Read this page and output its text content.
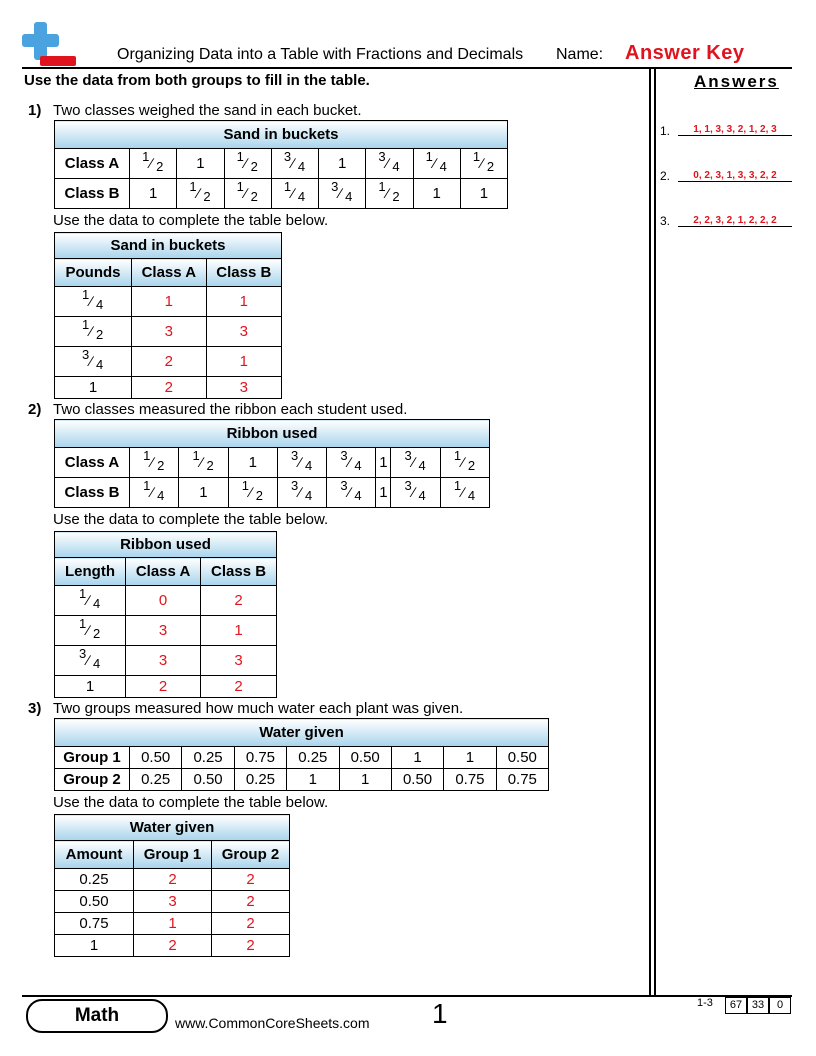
Organizing Data into a Table with Fractions and Decimals Name: Answer Key
Use the data from both groups to fill in the table.	Answers
1.	1, 1, 3, 3, 2, 1, 2, 3
2.	0, 2, 3, 1, 3, 3, 2, 2
3.	2, 2, 3, 2, 1, 2, 2, 2
1) Two classes weighed the sand in each bucket.
Sand in buckets								
Class A	1 ∕ 2	1	1 ∕ 2	3 ∕ 4	1	3 ∕ 4	1 ∕ 4	1 ∕ 2

Class B	1	1 ∕ 2	1 ∕ 2	1 ∕ 4	3 ∕ 4	1 ∕ 2	1	1
Use the data to complete the table below.
Sand in buckets		
Pounds	Class A	Class B

1 ∕ 4	1	1

1 ∕ 2	3	3

3 ∕ 4	2	1
1	2	3
2) Two classes measured the ribbon each student used.
Ribbon used								
Class A	1 ∕ 2	1 ∕ 2	1	3 ∕ 4	3 ∕ 4	1	3 ∕ 4	1 ∕ 2

Class B	1 ∕ 4	1	1 ∕ 2	3 ∕ 4	3 ∕ 4	1	3 ∕ 4	1 ∕ 4
Use the data to complete the table below.
Ribbon used		
Length	Class A	Class B

1 ∕ 4	0	2

1 ∕ 2	3	1

3 ∕ 4	3	3
1	2	2
3) Two groups measured how much water each plant was given.
Water given								
Group 1	0.50	0.25	0.75	0.25	0.50	1	1	0.50
Group 2	0.25	0.50	0.25	1	1	0.50	0.75	0.75
Use the data to complete the table below.
Water given		
Amount	Group 1	Group 2
0.25	2	2
0.50	3	2
0.75	1	2
1	2	2
Math	www.CommonCoreSheets.com 1	1-3	67 33	0
